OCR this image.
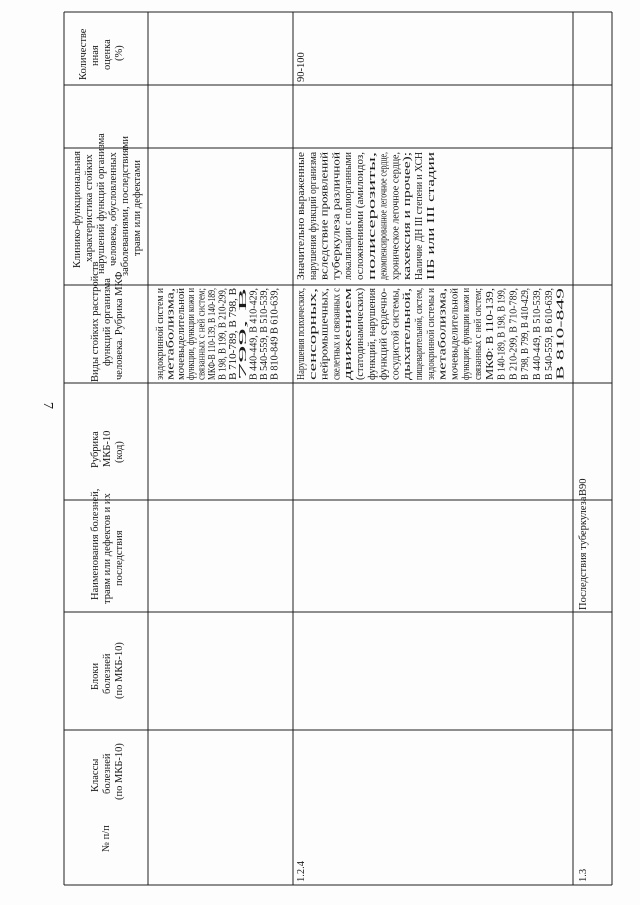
7
№ п/п
Классы болезней (по МКБ-10)
Блоки болезней (по МКБ-10)
Наименования болезней, травм или дефектов и их последствия
Рубрика МКБ-10 (код)
Виды стойких расстройств функций организма человека. Рубрика МКФ
Клинико-функциональная характеристика стойких нарушений функций организма человека, обусловленных заболеваниями, последствиями травм или дефектами
Количестве нная оценка (%)
эндокринной систем и метаболизма, мочевыделительной функции, функции кожи и связанных с ней систем; МКФ-В 110-139, В 140-189, В 198, В 199, В 210-299, В 710-789, В 798, В 799, В В 440-449, В 410-429, В 540-559, В 510-539, В 810-849 В 610-639,
1.2.4
Нарушения психических, сенсорных, нейромышечных, скелетных и связанных с движением (статодинамических) функций, нарушения функций сердечно- сосудистой системы, дыхательной, пищеварительной, систем, эндокринной системы и метаболизма, мочевыделительной функции; функции кожи и связанных с ней систем; МКФ: В 110-139, В 140-189, В 198, В 199, В 210-299, В 710-789, В 798, В 799, В 410-429, В 440-449, В 510-539, В 540-559, В 610-639, В 810-849
Значительно выраженные нарушения функций организма вследствие проявлений туберкулеза различной локализации с полиорганными осложнениями (амилоидоз, полисерозиты, декомпенсированное легочное сердце, хроническое легочное сердце, кахексия и прочее); Наличие ДН III степени и ХСН IIБ или III стадии
90-100
1.3
Последствия туберкулеза
B90
